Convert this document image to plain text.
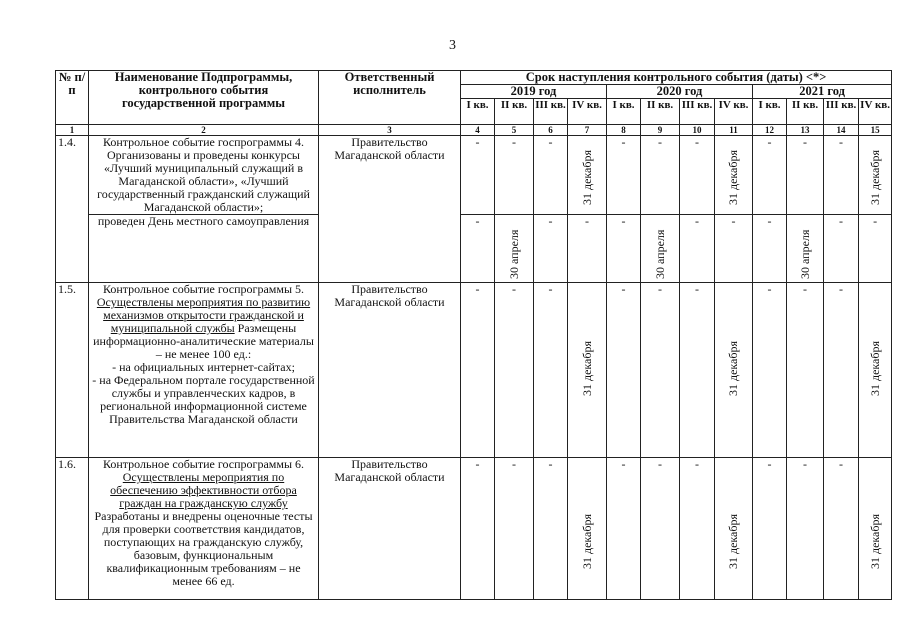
3
№ п/п	Наименование Подпрограммы, контрольного события государственной программы	Ответственный исполнитель	Срок наступления контрольного события (даты) <*>											
			2019 год				2020 год				2021 год			
			I кв.	II кв.	III кв.	IV кв.	I кв.	II кв.	III кв.	IV кв.	I кв.	II кв.	III кв.	IV кв.
1	2	3	4	5	6	7	8	9	10	11	12	13	14	15
1.4.	Контрольное событие госпрограммы 4. Организованы и проведены конкурсы «Лучший муниципальный служащий в Магаданской области», «Лучший государственный гражданский служащий Магаданской области»;	Правительство Магаданской области	-	-	-	31 декабря	-	-	-	31 декабря	-	-	-	31 декабря
	проведен День местного самоуправления		-	30 апреля	-	-	-	30 апреля	-	-	-	30 апреля	-	-
1.5.	Контрольное событие госпрограммы 5. Осуществлены мероприятия по развитию механизмов открытости гражданской и муниципальной службы Размещены информационно-аналитические материалы – не менее 100 ед.:
- на официальных интернет-сайтах;
- на Федеральном портале государственной службы и управленческих кадров, в региональной информационной системе Правительства Магаданской области	Правительство Магаданской области	-	-	-	31 декабря	-	-	-	31 декабря	-	-	-	31 декабря
1.6.	Контрольное событие госпрограммы 6. Осуществлены мероприятия по обеспечению эффективности отбора граждан на гражданскую службу Разработаны и внедрены оценочные тесты для проверки соответствия кандидатов, поступающих на гражданскую службу, базовым, функциональным квалификационным требованиям – не менее 66 ед.	Правительство Магаданской области	-	-	-	31 декабря	-	-	-	31 декабря	-	-	-	31 декабря
